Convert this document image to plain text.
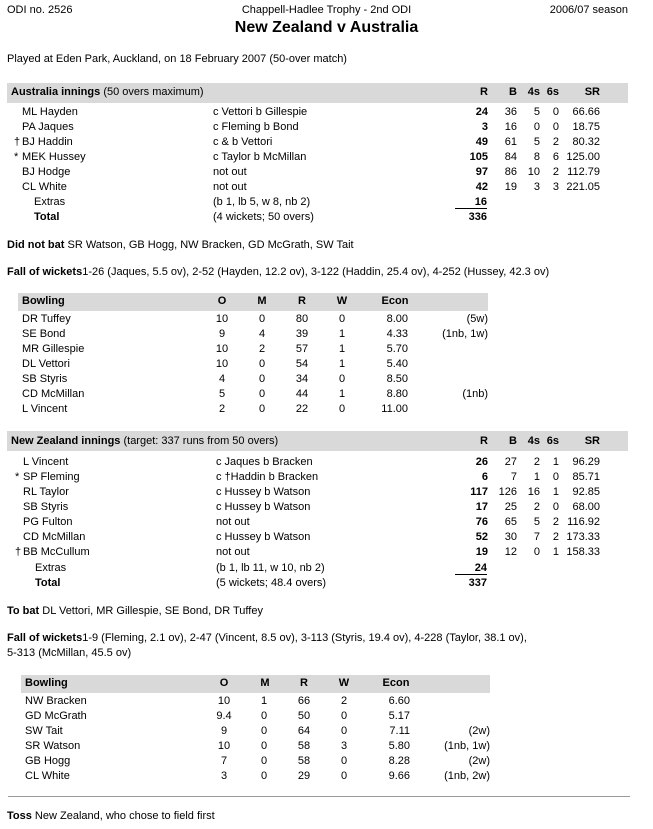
ODI no. 2526	Chappell-Hadlee Trophy - 2nd ODI	2006/07 season
New Zealand v Australia
Played at Eden Park, Auckland, on 18 February 2007 (50-over match)
Australia innings (50 overs maximum)	R	B 4s 6s	SR
ML Hayden	c Vettori b Gillespie	24	36	5	0	66.66
PA Jaques	c Fleming b Bond	3	16	0	0	18.75
† BJ Haddin	c & b Vettori	49	61	5	2	80.32
* MEK Hussey	c Taylor b McMillan	105	84	8	6 125.00
BJ Hodge	not out	97	86 10	2 112.79
CL White	not out	42	19	3	3 221.05
Extras	(b 1, lb 5, w 8, nb 2)	16
Total	(4 wickets; 50 overs)	336
Did not bat SR Watson, GB Hogg, NW Bracken, GD McGrath, SW Tait
Fall of wickets1-26 (Jaques, 5.5 ov), 2-52 (Hayden, 12.2 ov), 3-122 (Haddin, 25.4 ov), 4-252 (Hussey, 42.3 ov)
Bowling	O	M	R	W	Econ
DR Tuffey	10	0	80	0	8.00	(5w)
SE Bond	9	4	39	1	4.33	(1nb, 1w)
MR Gillespie	10	2	57	1	5.70
DL Vettori	10	0	54	1	5.40
SB Styris	4	0	34	0	8.50
CD McMillan	5	0	44	1	8.80	(1nb)
L Vincent	2	0	22	0	11.00
New Zealand innings (target: 337 runs from 50 overs)	R	B 4s 6s	SR
L Vincent	c Jaques b Bracken	26	27	2	1	96.29
* SP Fleming	c †Haddin b Bracken	6	7	1	0	85.71
RL Taylor	c Hussey b Watson	117 126 16	1	92.85
SB Styris	c Hussey b Watson	17	25	2	0	68.00
PG Fulton	not out	76	65	5	2 116.92
CD McMillan	c Hussey b Watson	52	30	7	2 173.33
† BB McCullum	not out	19	12	0	1 158.33
Extras	(b 1, lb 11, w 10, nb 2)	24
Total	(5 wickets; 48.4 overs)	337
To bat DL Vettori, MR Gillespie, SE Bond, DR Tuffey
Fall of wickets1-9 (Fleming, 2.1 ov), 2-47 (Vincent, 8.5 ov), 3-113 (Styris, 19.4 ov), 4-228 (Taylor, 38.1 ov),
5-313 (McMillan, 45.5 ov)
Bowling	O	M	R	W	Econ
NW Bracken	10	1	66	2	6.60
GD McGrath	9.4	0	50	0	5.17
SW Tait	9	0	64	0	7.11	(2w)
SR Watson	10	0	58	3	5.80	(1nb, 1w)
GB Hogg	7	0	58	0	8.28	(2w)
CL White	3	0	29	0	9.66	(1nb, 2w)
Toss New Zealand, who chose to field first
